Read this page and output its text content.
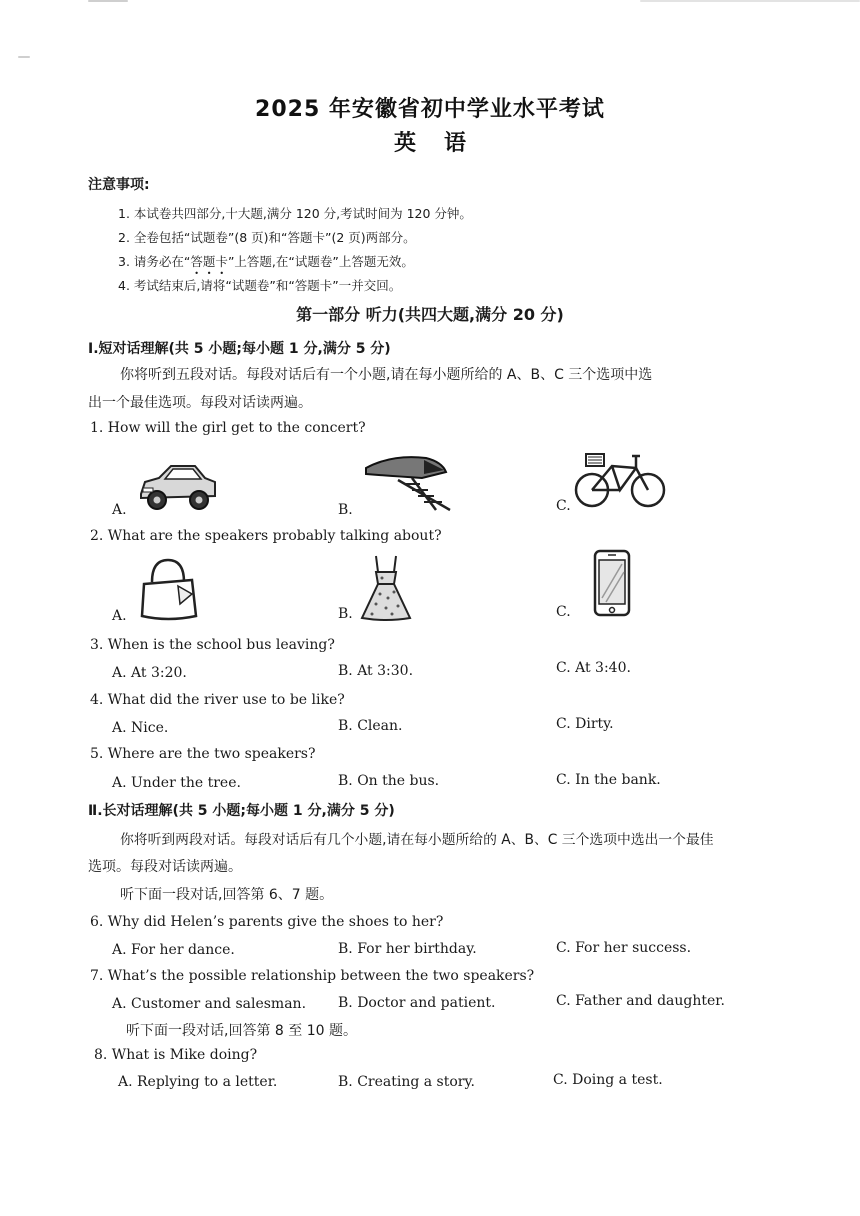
2025 年安徽省初中学业水平考试
英语
注意事项:
1. 本试卷共四部分,十大题,满分 120 分,考试时间为 120 分钟。
2. 全卷包括“试题卷”(8 页)和“答题卡”(2 页)两部分。
3. 请务必在“答题卡”上答题,在“试题卷”上答题无效。
4. 考试结束后,请将“试题卷”和“答题卡”一并交回。
第一部分 听力(共四大题,满分 20 分)
Ⅰ.短对话理解(共 5 小题;每小题 1 分,满分 5 分)
你将听到五段对话。每段对话后有一个小题,请在每小题所给的 A、B、C 三个选项中选
出一个最佳选项。每段对话读两遍。
1. How will the girl get to the concert?
A.	B.	C.
2. What are the speakers probably talking about?
A.	B.	C.
3. When is the school bus leaving?
A. At 3:20.	B. At 3:30.	C. At 3:40.
4. What did the river use to be like?
A. Nice.	B. Clean.	C. Dirty.
5. Where are the two speakers?
A. Under the tree.	B. On the bus.	C. In the bank.
Ⅱ.长对话理解(共 5 小题;每小题 1 分,满分 5 分)
你将听到两段对话。每段对话后有几个小题,请在每小题所给的 A、B、C 三个选项中选出一个最佳
选项。每段对话读两遍。
听下面一段对话,回答第 6、7 题。
6. Why did Helen’s parents give the shoes to her?
A. For her dance.	B. For her birthday.	C. For her success.
7. What’s the possible relationship between the two speakers?
A. Customer and salesman. B. Doctor and patient.	C. Father and daughter.
听下面一段对话,回答第 8 至 10 题。
8. What is Mike doing?
A. Replying to a letter.	B. Creating a story.	C. Doing a test.
